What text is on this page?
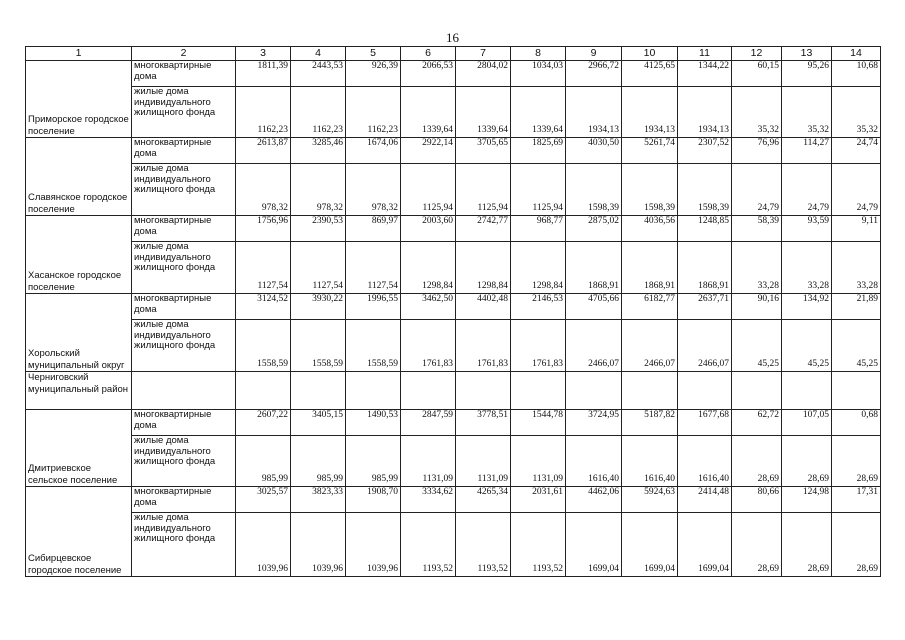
16
1	2	3	4	5	6	7	8	9	10	11	12	13	14
Приморское городское поселение	многоквартирные дома	1811,39	2443,53	926,39	2066,53	2804,02	1034,03	2966,72	4125,65	1344,22	60,15	95,26	10,68
	жилые дома индивидуального жилищного фонда	1162,23	1162,23	1162,23	1339,64	1339,64	1339,64	1934,13	1934,13	1934,13	35,32	35,32	35,32
Славянское городское поселение	многоквартирные дома	2613,87	3285,46	1674,06	2922,14	3705,65	1825,69	4030,50	5261,74	2307,52	76,96	114,27	24,74
	жилые дома индивидуального жилищного фонда	978,32	978,32	978,32	1125,94	1125,94	1125,94	1598,39	1598,39	1598,39	24,79	24,79	24,79
Хасанское городское поселение	многоквартирные дома	1756,96	2390,53	869,97	2003,60	2742,77	968,77	2875,02	4036,56	1248,85	58,39	93,59	9,11
	жилые дома индивидуального жилищного фонда	1127,54	1127,54	1127,54	1298,84	1298,84	1298,84	1868,91	1868,91	1868,91	33,28	33,28	33,28
Хорольский муниципальный округ	многоквартирные дома	3124,52	3930,22	1996,55	3462,50	4402,48	2146,53	4705,66	6182,77	2637,71	90,16	134,92	21,89
	жилые дома индивидуального жилищного фонда	1558,59	1558,59	1558,59	1761,83	1761,83	1761,83	2466,07	2466,07	2466,07	45,25	45,25	45,25
Черниговский муниципальный район													
Дмитриевское сельское поселение	многоквартирные дома	2607,22	3405,15	1490,53	2847,59	3778,51	1544,78	3724,95	5187,82	1677,68	62,72	107,05	0,68
	жилые дома индивидуального жилищного фонда	985,99	985,99	985,99	1131,09	1131,09	1131,09	1616,40	1616,40	1616,40	28,69	28,69	28,69
Сибирцевское городское поселение	многоквартирные дома	3025,57	3823,33	1908,70	3334,62	4265,34	2031,61	4462,06	5924,63	2414,48	80,66	124,98	17,31
	жилые дома индивидуального жилищного фонда	1039,96	1039,96	1039,96	1193,52	1193,52	1193,52	1699,04	1699,04	1699,04	28,69	28,69	28,69
